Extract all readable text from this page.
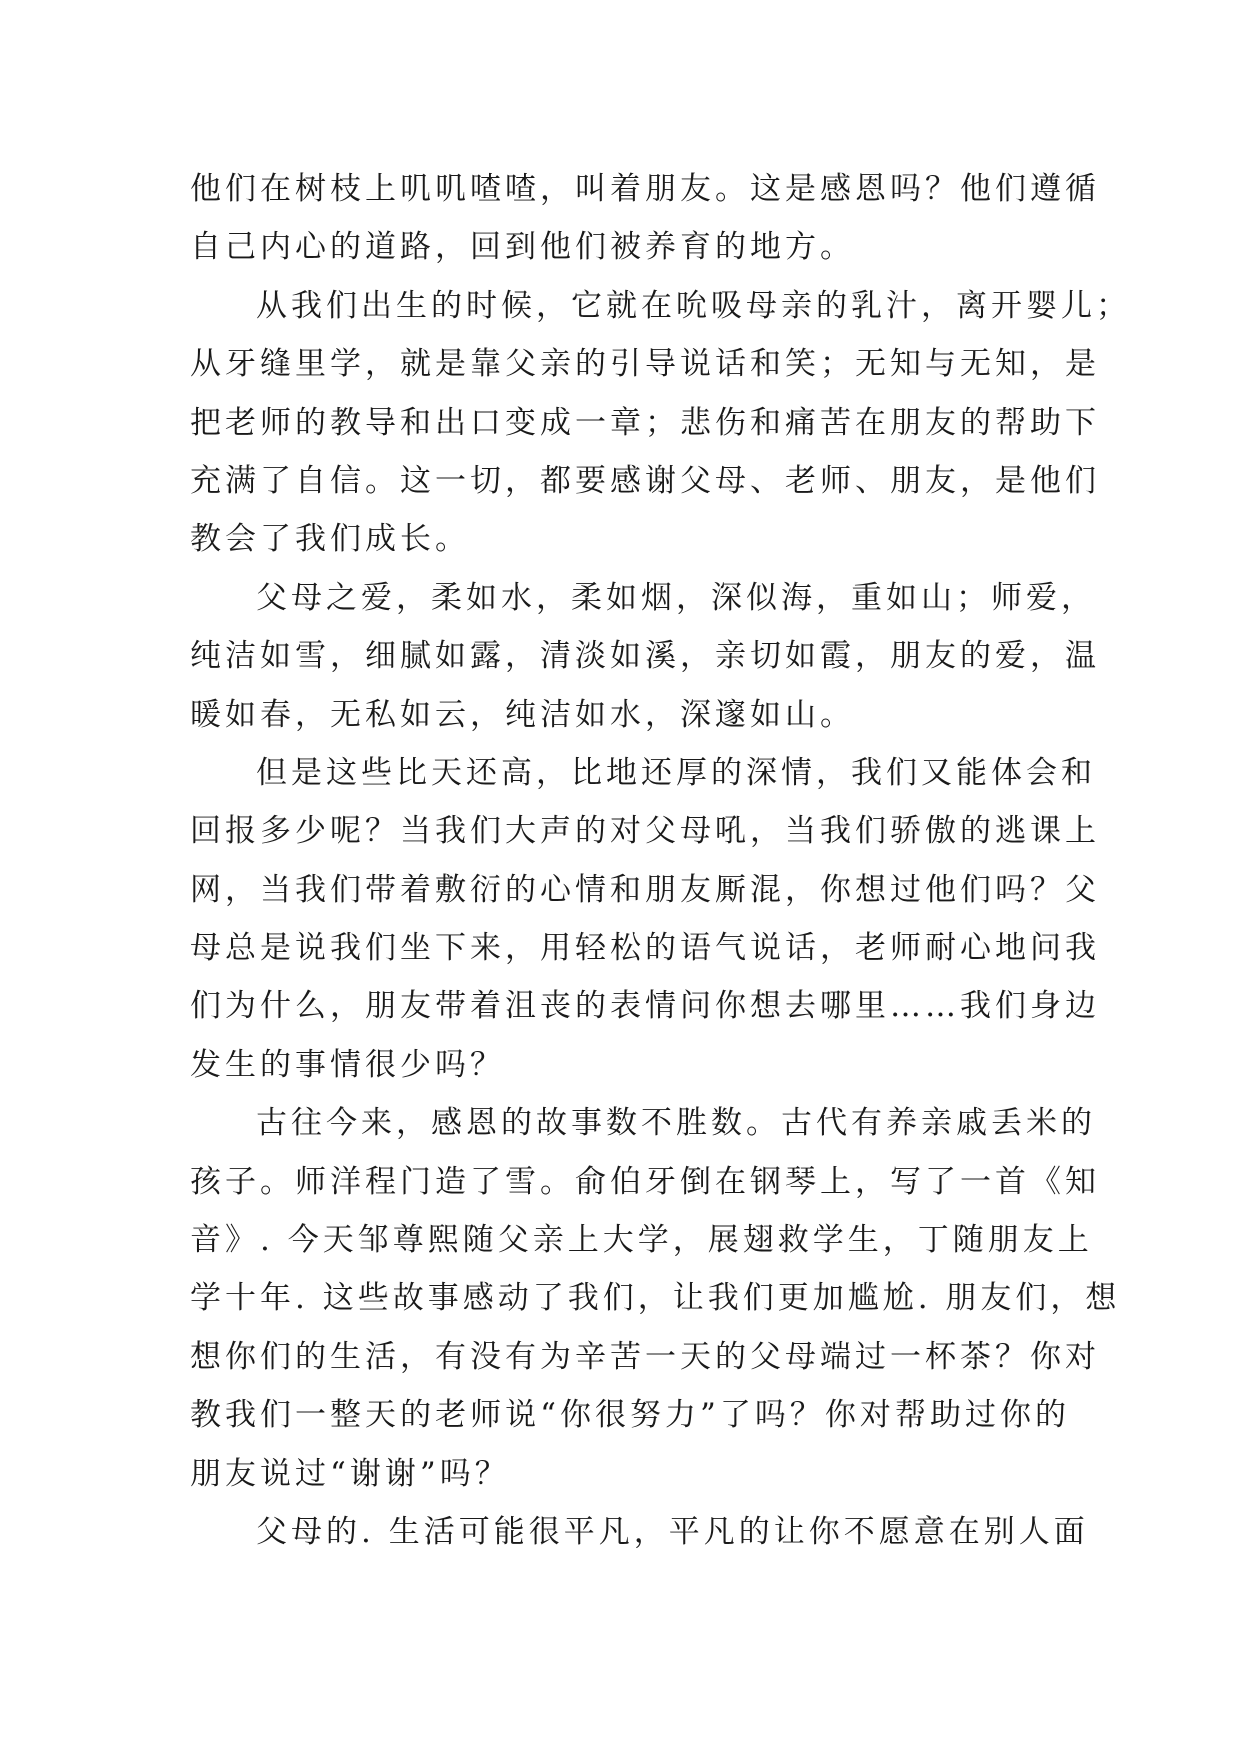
他们在树枝上叽叽喳喳，叫着朋友。这是感恩吗？他们遵循
自己内心的道路，回到他们被养育的地方。
从我们出生的时候，它就在吮吸母亲的乳汁，离开婴儿；
从牙缝里学，就是靠父亲的引导说话和笑；无知与无知，是
把老师的教导和出口变成一章；悲伤和痛苦在朋友的帮助下
充满了自信。这一切，都要感谢父母、老师、朋友，是他们
教会了我们成长。
父母之爱，柔如水，柔如烟，深似海，重如山；师爱，
纯洁如雪，细腻如露，清淡如溪，亲切如霞，朋友的爱，温
暖如春，无私如云，纯洁如水，深邃如山。
但是这些比天还高，比地还厚的深情，我们又能体会和
回报多少呢？当我们大声的对父母吼，当我们骄傲的逃课上
网，当我们带着敷衍的心情和朋友厮混，你想过他们吗？父
母总是说我们坐下来，用轻松的语气说话，老师耐心地问我
们为什么，朋友带着沮丧的表情问你想去哪里……我们身边
发生的事情很少吗？
古往今来，感恩的故事数不胜数。古代有养亲戚丢米的
孩子。师洋程门造了雪。俞伯牙倒在钢琴上，写了一首《知
音》. 今天邹尊熙随父亲上大学，展翅救学生，丁随朋友上
学十年. 这些故事感动了我们，让我们更加尴尬. 朋友们，想
想你们的生活，有没有为辛苦一天的父母端过一杯茶？你对
教我们一整天的老师说“你很努力”了吗？你对帮助过你的
朋友说过“谢谢”吗？
父母的. 生活可能很平凡，平凡的让你不愿意在别人面
